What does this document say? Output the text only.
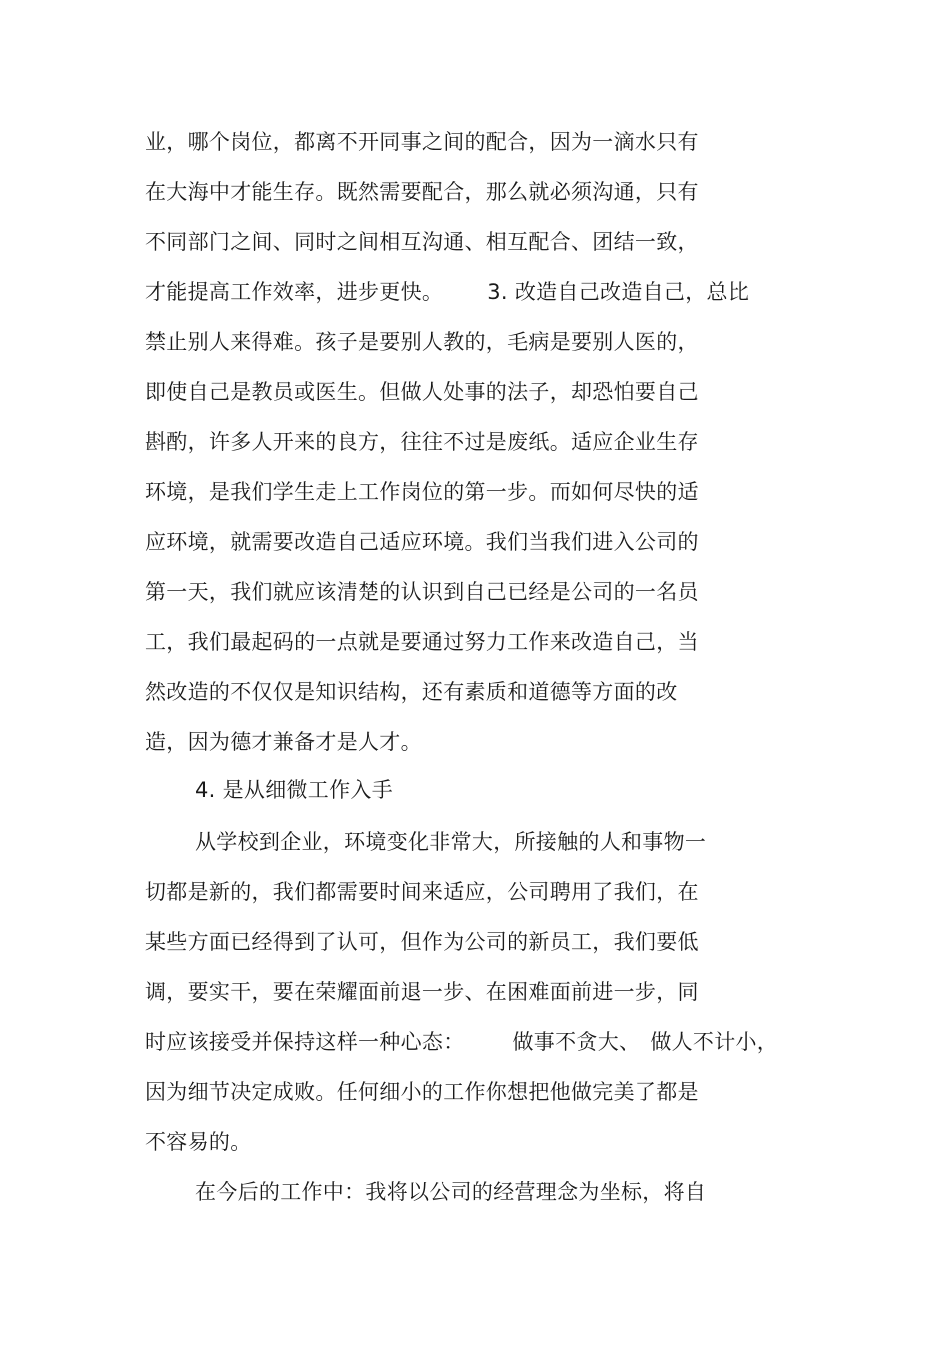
业，哪个岗位，都离不开同事之间的配合，因为一滴水只有
在大海中才能生存。既然需要配合，那么就必须沟通，只有
不同部门之间、同时之间相互沟通、相互配合、团结一致，
才能提高工作效率，进步更快。 3. 改造自己改造自己，总比
禁止别人来得难。孩子是要别人教的，毛病是要别人医的，
即使自己是教员或医生。但做人处事的法子，却恐怕要自己
斟酌，许多人开来的良方，往往不过是废纸。适应企业生存
环境，是我们学生走上工作岗位的第一步。而如何尽快的适
应环境，就需要改造自己适应环境。我们当我们进入公司的
第一天，我们就应该清楚的认识到自己已经是公司的一名员
工，我们最起码的一点就是要通过努力工作来改造自己，当
然改造的不仅仅是知识结构，还有素质和道德等方面的改
造，因为德才兼备才是人才。
4. 是从细微工作入手
从学校到企业，环境变化非常大，所接触的人和事物一
切都是新的，我们都需要时间来适应，公司聘用了我们，在
某些方面已经得到了认可，但作为公司的新员工，我们要低
调，要实干，要在荣耀面前退一步、在困难面前进一步，同
时应该接受并保持这样一种心态： 做事不贪大、 做人不计小，
因为细节决定成败。任何细小的工作你想把他做完美了都是
不容易的。
在今后的工作中：我将以公司的经营理念为坐标，将自
